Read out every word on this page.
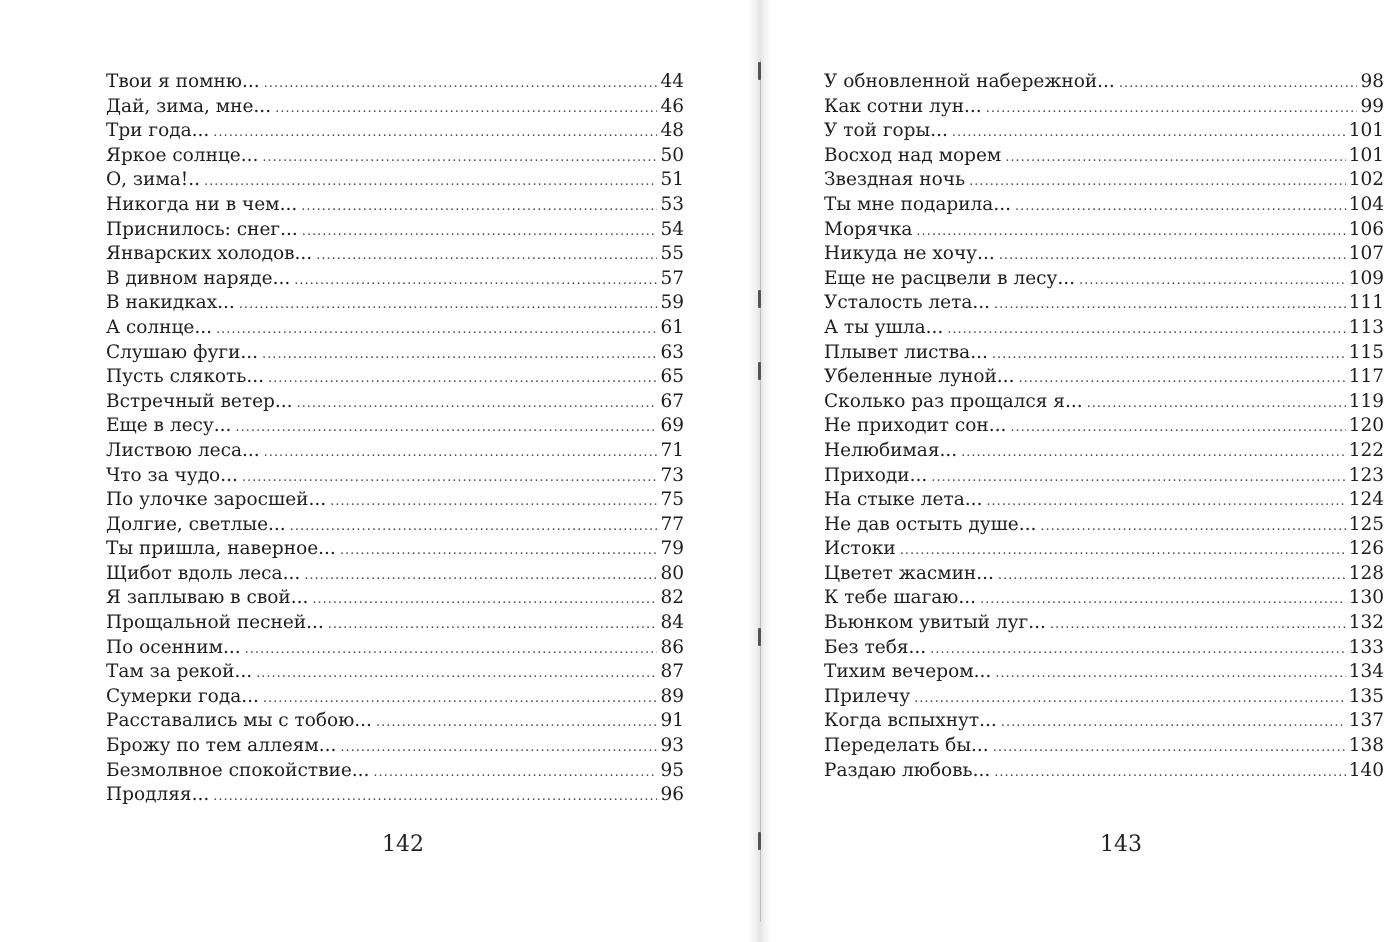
Твои я помню... .....	44
Дай, зима, мне... .....	46
Три года... .....	48
Яркое солнце... .....	50
О, зима!.. .....	51
Никогда ни в чем... .....	53
Приснилось: снег... .....	54
Январских холодов... .....	55
В дивном наряде... .....	57
В накидках... .....	59
А солнце... .....	61
Слушаю фуги... .....	63
Пусть слякоть... .....	65
Встречный ветер... .....	67
Еще в лесу... .....	69
Листвою леса... .....	71
Что за чудо... .....	73
По улочке заросшей... .....	75
Долгие, светлые... .....	77
Ты пришла, наверное... .....	79
Щибот вдоль леса... .....	80
Я заплываю в свой... .....	82
Прощальной песней... .....	84
По осенним... .....	86
Там за рекой... .....	87
Сумерки года... .....	89
Расставались мы с тобою... .....	91
Брожу по тем аллеям... .....	93
Безмолвное спокойствие... .....	95
Продляя... .....	96
142
У обновленной набережной... .....	98
Как сотни лун... .....	99
У той горы... .....	101
Восход над морем .....	101
Звездная ночь .....	102
Ты мне подарила... .....	104
Морячка .....	106
Никуда не хочу... .....	107
Еще не расцвели в лесу... .....	109
Усталость лета... .....	111
А ты ушла... .....	113
Плывет листва... .....	115
Убеленные луной... .....	117
Сколько раз прощался я... .....	119
Не приходит сон... .....	120
Нелюбимая... .....	122
Приходи... .....	123
На стыке лета... .....	124
Не дав остыть душе... .....	125
Истоки .....	126
Цветет жасмин... .....	128
К тебе шагаю... .....	130
Вьюнком увитый луг... .....	132
Без тебя... .....	133
Тихим вечером... .....	134
Прилечу .....	135
Когда вспыхнут... .....	137
Переделать бы... .....	138
Раздаю любовь... .....	140
143
